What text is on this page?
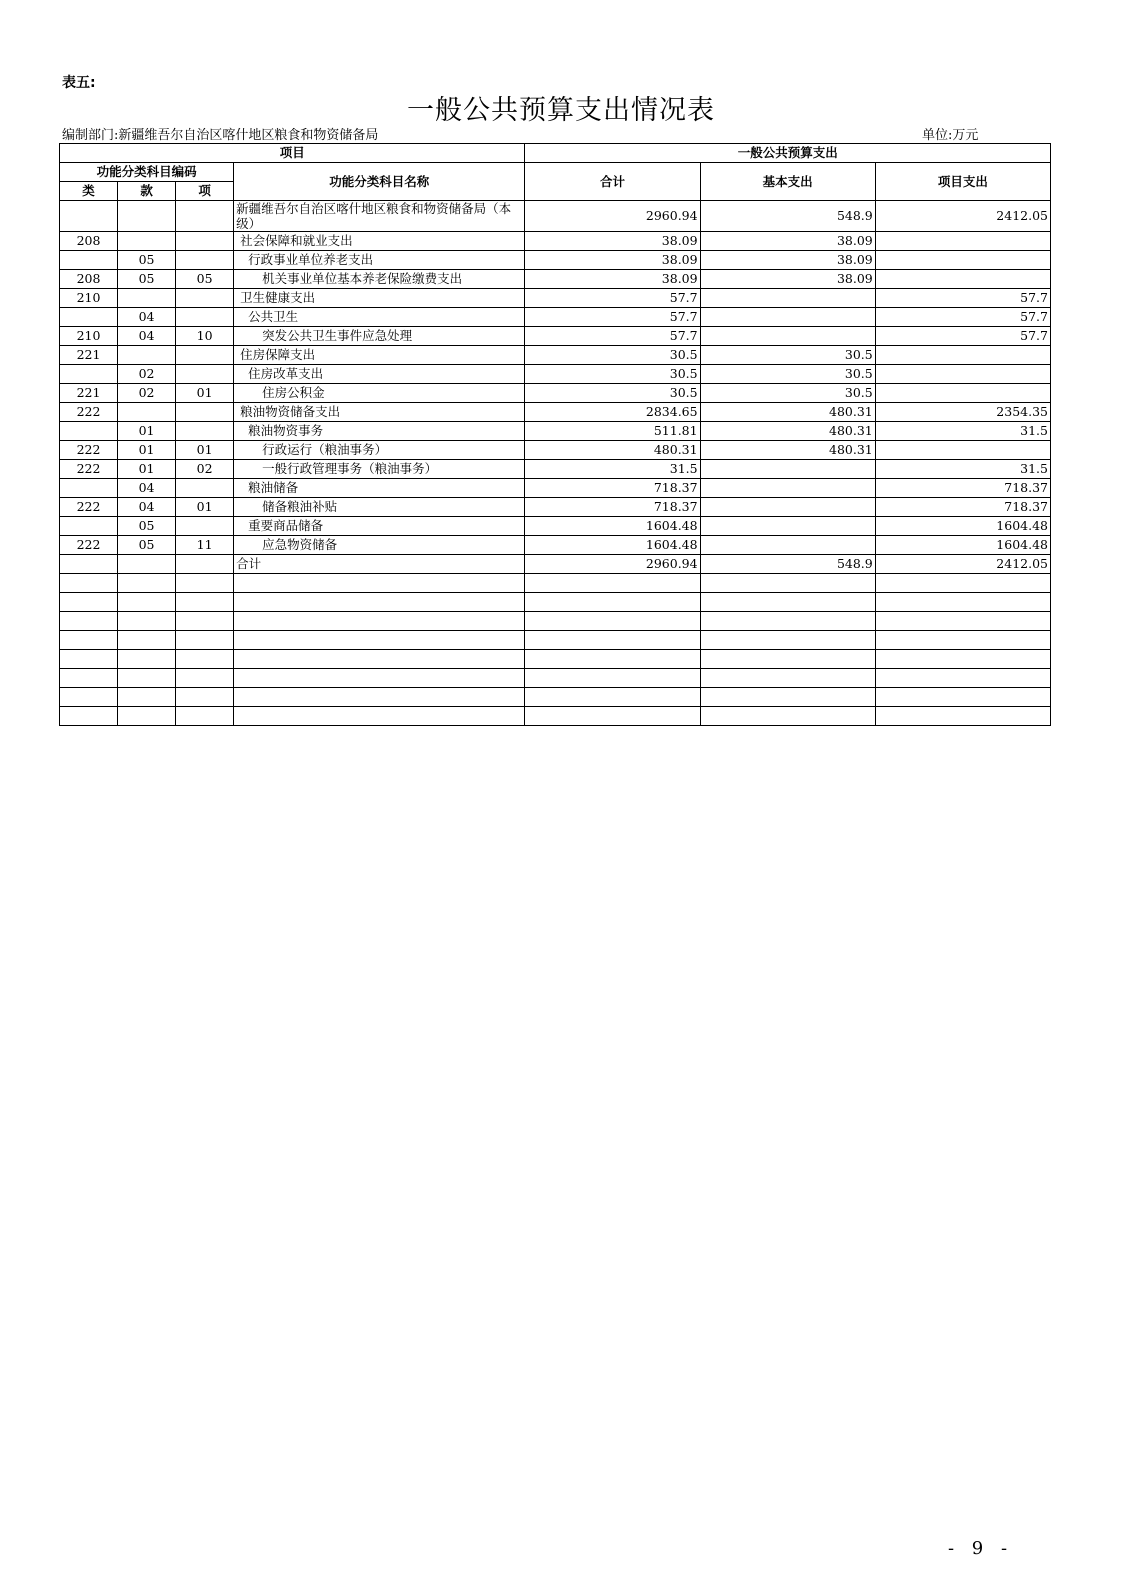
表五:
一般公共预算支出情况表
编制部门:新疆维吾尔自治区喀什地区粮食和物资储备局	单位:万元
项目				一般公共预算支出		
功能分类科目编码			功能分类科目名称	合计	基本支出	项目支出
类	款	项				
			新疆维吾尔自治区喀什地区粮食和物资储备局（本级）	2960.94	548.9	2412.05
208			社会保障和就业支出	38.09	38.09	
	05		行政事业单位养老支出	38.09	38.09	
208	05	05	机关事业单位基本养老保险缴费支出	38.09	38.09	
210			卫生健康支出	57.7		57.7
	04		公共卫生	57.7		57.7
210	04	10	突发公共卫生事件应急处理	57.7		57.7
221			住房保障支出	30.5	30.5	
	02		住房改革支出	30.5	30.5	
221	02	01	住房公积金	30.5	30.5	
222			粮油物资储备支出	2834.65	480.31	2354.35
	01		粮油物资事务	511.81	480.31	31.5
222	01	01	行政运行（粮油事务）	480.31	480.31	
222	01	02	一般行政管理事务（粮油事务）	31.5		31.5
	04		粮油储备	718.37		718.37
222	04	01	储备粮油补贴	718.37		718.37
	05		重要商品储备	1604.48		1604.48
222	05	11	应急物资储备	1604.48		1604.48
			合计	2960.94	548.9	2412.05

- 9 -
